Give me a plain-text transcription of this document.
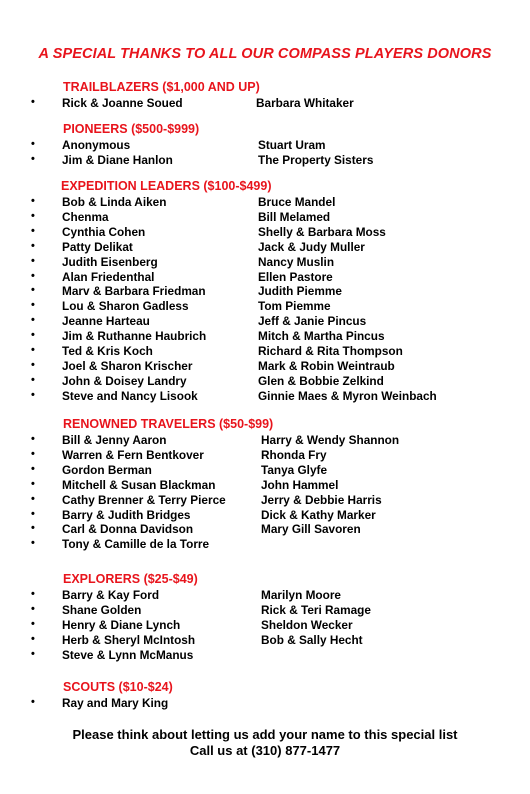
A SPECIAL THANKS TO ALL OUR COMPASS PLAYERS DONORS
TRAILBLAZERS ($1,000 AND UP)
• Rick & Joanne Soued	Barbara Whitaker
PIONEERS ($500-$999)
• Anonymous	Stuart Uram
• Jim & Diane Hanlon	The Property Sisters
EXPEDITION LEADERS ($100-$499)
• Bob & Linda Aiken	Bruce Mandel
• Chenma	Bill Melamed
• Cynthia Cohen	Shelly & Barbara Moss
• Patty Delikat	Jack & Judy Muller
• Judith Eisenberg	Nancy Muslin
• Alan Friedenthal	Ellen Pastore
• Marv & Barbara Friedman	Judith Piemme
• Lou & Sharon Gadless	Tom Piemme
• Jeanne Harteau	Jeff & Janie Pincus
• Jim & Ruthanne Haubrich	Mitch & Martha Pincus
• Ted & Kris Koch	Richard & Rita Thompson
• Joel & Sharon Krischer	Mark & Robin Weintraub
• John & Doisey Landry	Glen & Bobbie Zelkind
• Steve and Nancy Lisook	Ginnie Maes & Myron Weinbach
RENOWNED TRAVELERS ($50-$99)
• Bill & Jenny Aaron	Harry & Wendy Shannon
• Warren & Fern Bentkover	Rhonda Fry
• Gordon Berman	Tanya Glyfe
• Mitchell & Susan Blackman	John Hammel
• Cathy Brenner & Terry Pierce	Jerry & Debbie Harris
• Barry & Judith Bridges	Dick & Kathy Marker
• Carl & Donna Davidson	Mary Gill Savoren
• Tony & Camille de la Torre
EXPLORERS ($25-$49)
• Barry & Kay Ford	Marilyn Moore
• Shane Golden	Rick & Teri Ramage
• Henry & Diane Lynch	Sheldon Wecker
• Herb & Sheryl McIntosh	Bob & Sally Hecht
• Steve & Lynn McManus
SCOUTS ($10-$24)
• Ray and Mary King
Please think about letting us add your name to this special list
Call us at (310) 877-1477
